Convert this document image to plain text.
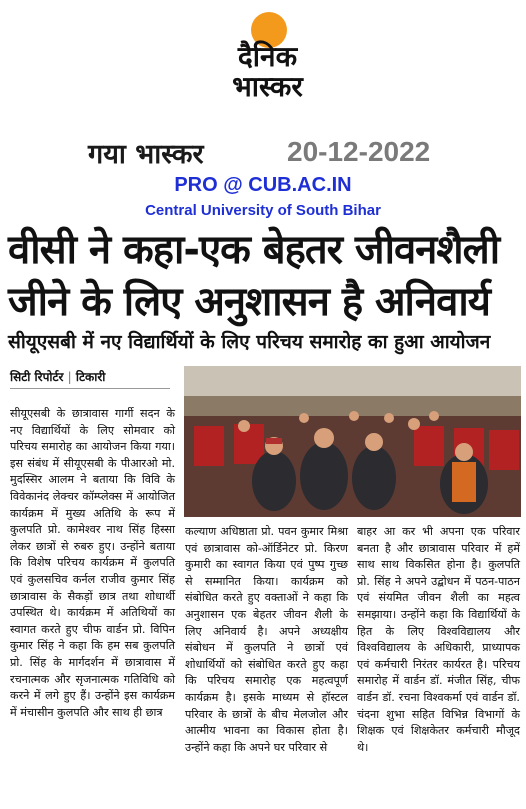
दैनिक
भास्कर
गया भास्कर	20-12-2022
PRO @ CUB.AC.IN
Central University of South Bihar
वीसी ने कहा-एक बेहतर जीवनशैली
जीने के लिए अनुशासन है अनिवार्य
सीयूएसबी में नए विद्यार्थियों के लिए परिचय समारोह का हुआ आयोजन
सिटी रिपोर्टर | टिकारी

सीयूएसबी के छात्रावास गार्गी सदन के नए विद्यार्थियों के लिए सोमवार को परिचय समारोह का आयोजन किया गया। इस संबंध में सीयूएसबी के पीआरओ मो. मुदस्सिर आलम ने बताया कि विवि के विवेकानंद लेक्चर कॉम्प्लेक्स में आयोजित कार्यक्रम में मुख्य अतिथि के रूप में कुलपति प्रो. कामेश्वर नाथ सिंह हिस्सा लेकर छात्रों से रुबरु हुए। उन्होंने बताया कि विशेष परिचय कार्यक्रम में कुलपति एवं कुलसचिव कर्नल राजीव कुमार सिंह छात्रावास के सैकड़ों छात्र तथा शोधार्थी उपस्थित थे। कार्यक्रम में अतिथियों का स्वागत करते हुए चीफ वार्डन प्रो. विपिन कुमार सिंह ने कहा कि हम सब कुलपति प्रो. सिंह के मार्गदर्शन में छात्रावास में रचनात्मक और सृजनात्मक गतिविधि को करने में लगे हुए हैं। उन्होंने इस कार्यक्रम में मंचासीन कुलपति और साथ ही छात्र

कल्याण अधिष्ठाता प्रो. पवन कुमार मिश्रा एवं छात्रावास को-ऑर्डिनेटर प्रो. किरण कुमारी का स्वागत किया एवं पुष्प गुच्छ से सम्मानित किया। कार्यक्रम को संबोधित करते हुए वक्ताओं ने कहा कि अनुशासन एक बेहतर जीवन शैली के लिए अनिवार्य है। अपने अध्यक्षीय संबोधन में कुलपति ने छात्रों एवं शोधार्थियों को संबोधित करते हुए कहा कि परिचय समारोह एक महत्वपूर्ण कार्यक्रम है। इसके माध्यम से हॉस्टल परिवार के छात्रों के बीच मेलजोल और आत्मीय भावना का विकास होता है। उन्होंने कहा कि अपने घर परिवार से

बाहर आ कर भी अपना एक परिवार बनता है और छात्रावास परिवार में हमें साथ साथ विकसित होना है। कुलपति प्रो. सिंह ने अपने उद्बोधन में पठन-पाठन एवं संयमित जीवन शैली का महत्व समझाया। उन्होंने कहा कि विद्यार्थियों के हित के लिए विश्वविद्यालय और विश्वविद्यालय के अधिकारी, प्राध्यापक एवं कर्मचारी निरंतर कार्यरत है। परिचय समारोह में वार्डन डॉ. मंजीत सिंह, चीफ वार्डन डॉ. रचना विश्वकर्मा एवं वार्डन डॉ. चंदना शुभा सहित विभिन्न विभागों के शिक्षक एवं शिक्षकेतर कर्मचारी मौजूद थे।
